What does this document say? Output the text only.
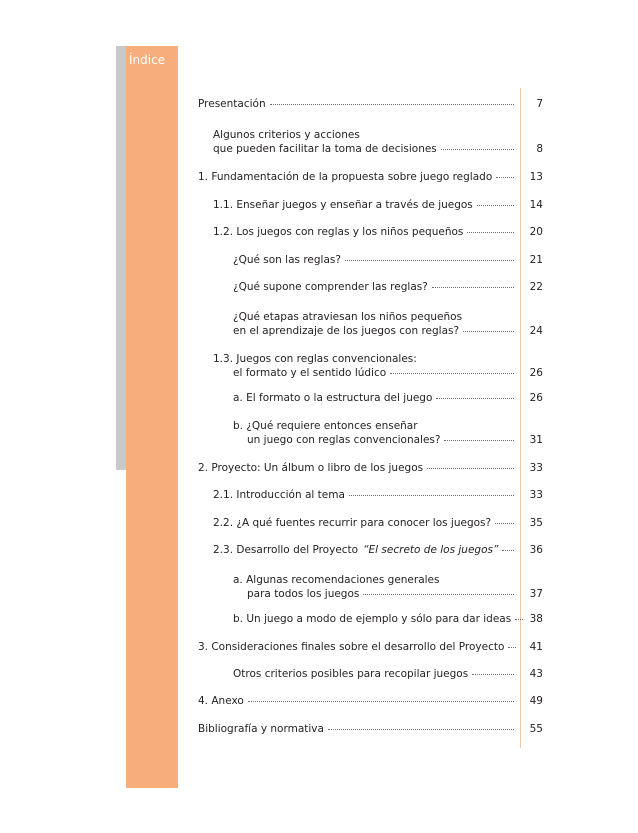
Índice
Presentación	7
Algunos criterios y acciones
que pueden facilitar la toma de decisiones	8
1. Fundamentación de la propuesta sobre juego reglado	13
1.1. Enseñar juegos y enseñar a través de juegos	14
1.2. Los juegos con reglas y los niños pequeños	20
¿Qué son las reglas?	21
¿Qué supone comprender las reglas?	22
¿Qué etapas atraviesan los niños pequeños
en el aprendizaje de los juegos con reglas?	24
1.3. Juegos con reglas convencionales:
el formato y el sentido lúdico	26
a. El formato o la estructura del juego	26
b. ¿Qué requiere entonces enseñar
un juego con reglas convencionales?	31
2. Proyecto: Un álbum o libro de los juegos	33
2.1. Introducción al tema	33
2.2. ¿A qué fuentes recurrir para conocer los juegos?	35
2.3. Desarrollo del Proyecto “El secreto de los juegos”	36
a. Algunas recomendaciones generales
para todos los juegos	37
b. Un juego a modo de ejemplo y sólo para dar ideas	38
3. Consideraciones finales sobre el desarrollo del Proyecto	41
Otros criterios posibles para recopilar juegos	43
4. Anexo	49
Bibliografía y normativa	55
